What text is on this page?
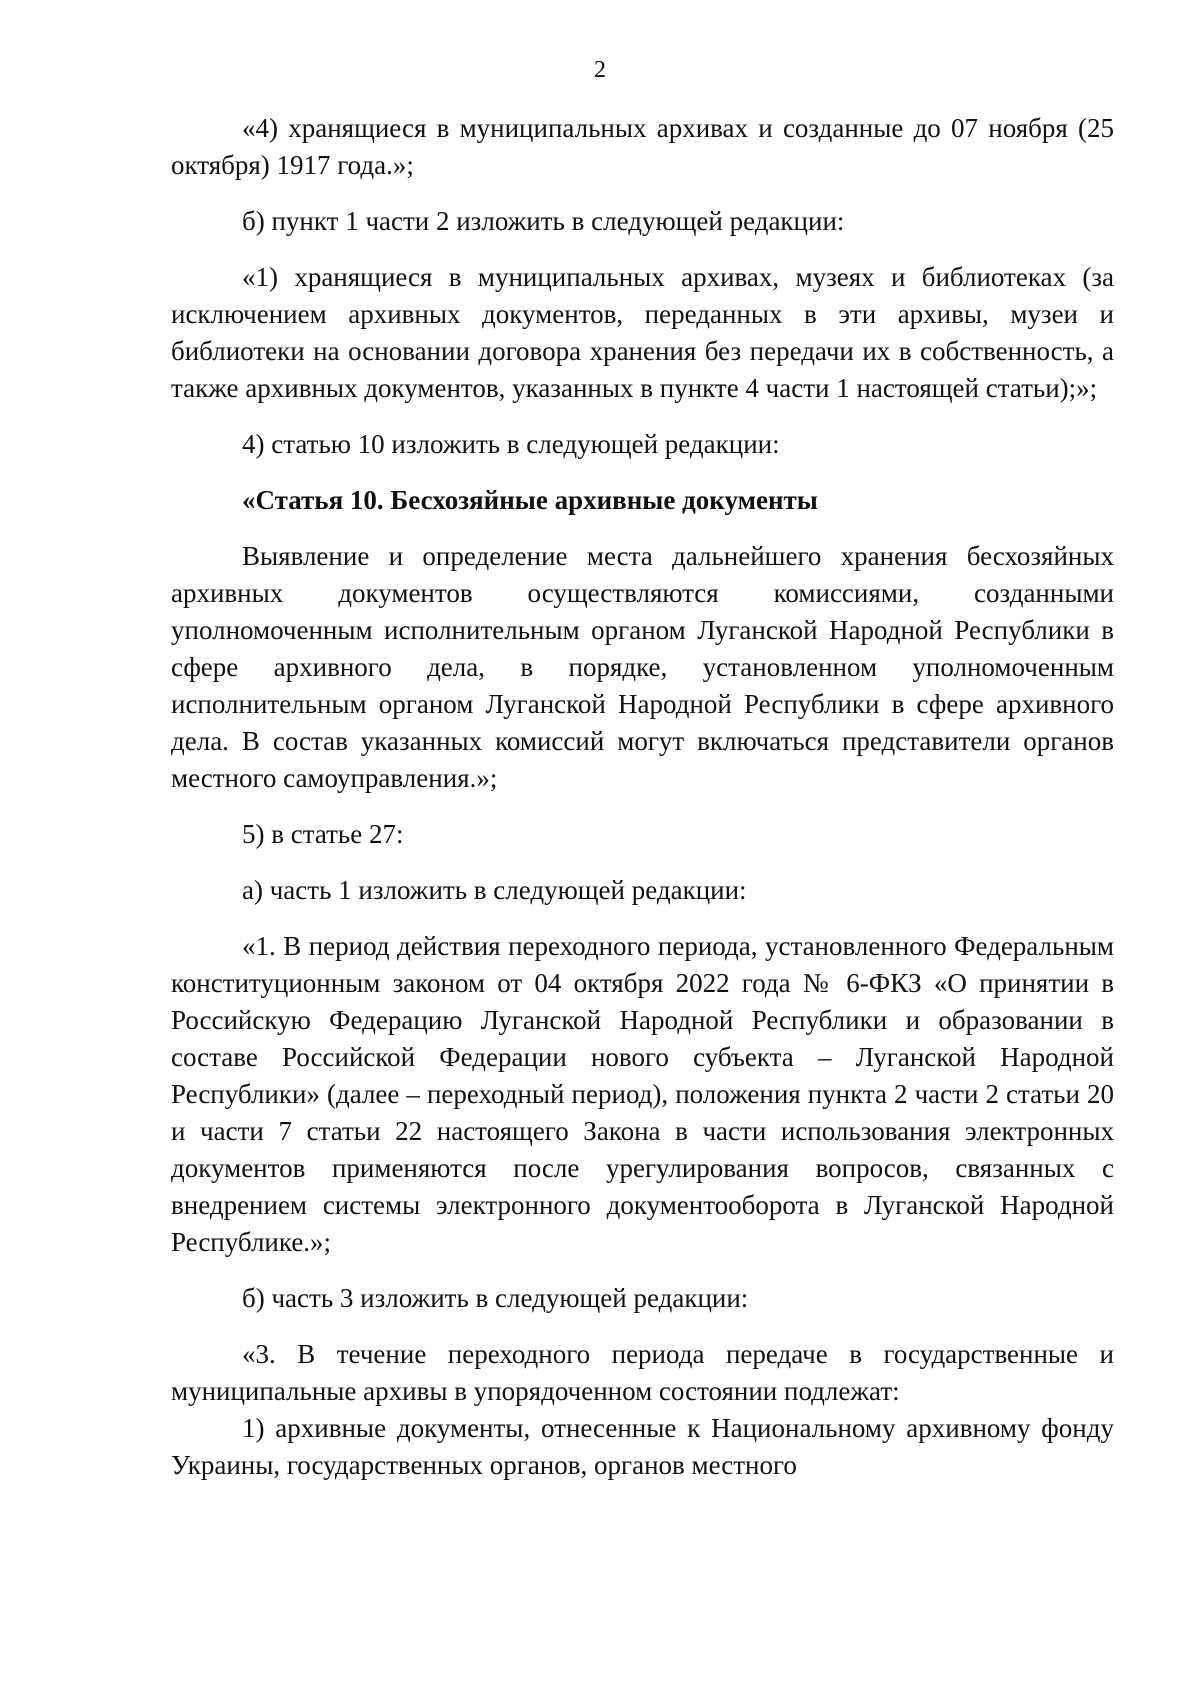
2

«4) хранящиеся в муниципальных архивах и созданные до 07 ноября (25 октября) 1917 года.»;

б) пункт 1 части 2 изложить в следующей редакции:

«1) хранящиеся в муниципальных архивах, музеях и библиотеках (за исключением архивных документов, переданных в эти архивы, музеи и библиотеки на основании договора хранения без передачи их в собственность, а также архивных документов, указанных в пункте 4 части 1 настоящей статьи);»;

4) статью 10 изложить в следующей редакции:

«Статья 10. Бесхозяйные архивные документы

Выявление и определение места дальнейшего хранения бесхозяйных архивных документов осуществляются комиссиями, созданными уполномоченным исполнительным органом Луганской Народной Республики в сфере архивного дела, в порядке, установленном уполномоченным исполнительным органом Луганской Народной Республики в сфере архивного дела. В состав указанных комиссий могут включаться представители органов местного самоуправления.»;

5) в статье 27:

а) часть 1 изложить в следующей редакции:

«1. В период действия переходного периода, установленного Федеральным конституционным законом от 04 октября 2022 года № 6-ФКЗ «О принятии в Российскую Федерацию Луганской Народной Республики и образовании в составе Российской Федерации нового субъекта – Луганской Народной Республики» (далее – переходный период), положения пункта 2 части 2 статьи 20 и части 7 статьи 22 настоящего Закона в части использования электронных документов применяются после урегулирования вопросов, связанных с внедрением системы электронного документооборота в Луганской Народной Республике.»;

б) часть 3 изложить в следующей редакции:

«3. В течение переходного периода передаче в государственные и муниципальные архивы в упорядоченном состоянии подлежат:

1) архивные документы, отнесенные к Национальному архивному фонду Украины, государственных органов, органов местного
